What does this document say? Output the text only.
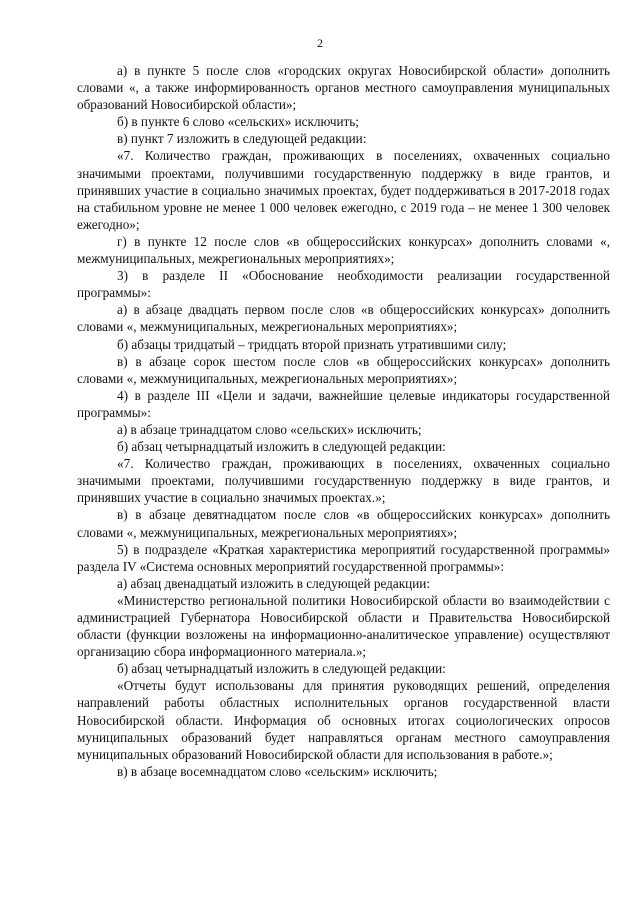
2

а) в пункте 5 после слов «городских округах Новосибирской области» дополнить словами «, а также информированность органов местного самоуправления муниципальных образований Новосибирской области»;

б) в пункте 6 слово «сельских» исключить;

в) пункт 7 изложить в следующей редакции:

«7. Количество граждан, проживающих в поселениях, охваченных социально значимыми проектами, получившими государственную поддержку в виде грантов, и принявших участие в социально значимых проектах, будет поддерживаться в 2017-2018 годах на стабильном уровне не менее 1 000 человек ежегодно, с 2019 года – не менее 1 300 человек ежегодно»;

г) в пункте 12 после слов «в общероссийских конкурсах» дополнить словами «, межмуниципальных, межрегиональных мероприятиях»;

3) в разделе II «Обоснование необходимости реализации государственной программы»:

а) в абзаце двадцать первом после слов «в общероссийских конкурсах» дополнить словами «, межмуниципальных, межрегиональных мероприятиях»;

б) абзацы тридцатый – тридцать второй признать утратившими силу;

в) в абзаце сорок шестом после слов «в общероссийских конкурсах» дополнить словами «, межмуниципальных, межрегиональных мероприятиях»;

4) в разделе III «Цели и задачи, важнейшие целевые индикаторы государственной программы»:

а) в абзаце тринадцатом слово «сельских» исключить;

б) абзац четырнадцатый изложить в следующей редакции:

«7. Количество граждан, проживающих в поселениях, охваченных социально значимыми проектами, получившими государственную поддержку в виде грантов, и принявших участие в социально значимых проектах.»;

в) в абзаце девятнадцатом после слов «в общероссийских конкурсах» дополнить словами «, межмуниципальных, межрегиональных мероприятиях»;

5) в подразделе «Краткая характеристика мероприятий государственной программы» раздела IV «Система основных мероприятий государственной программы»:

а) абзац двенадцатый изложить в следующей редакции:

«Министерство региональной политики Новосибирской области во взаимодействии с администрацией Губернатора Новосибирской области и Правительства Новосибирской области (функции возложены на информационно-аналитическое управление) осуществляют организацию сбора информационного материала.»;

б) абзац четырнадцатый изложить в следующей редакции:

«Отчеты будут использованы для принятия руководящих решений, определения направлений работы областных исполнительных органов государственной власти Новосибирской области. Информация об основных итогах социологических опросов муниципальных образований будет направляться органам местного самоуправления муниципальных образований Новосибирской области для использования в работе.»;

в) в абзаце восемнадцатом слово «сельским» исключить;
